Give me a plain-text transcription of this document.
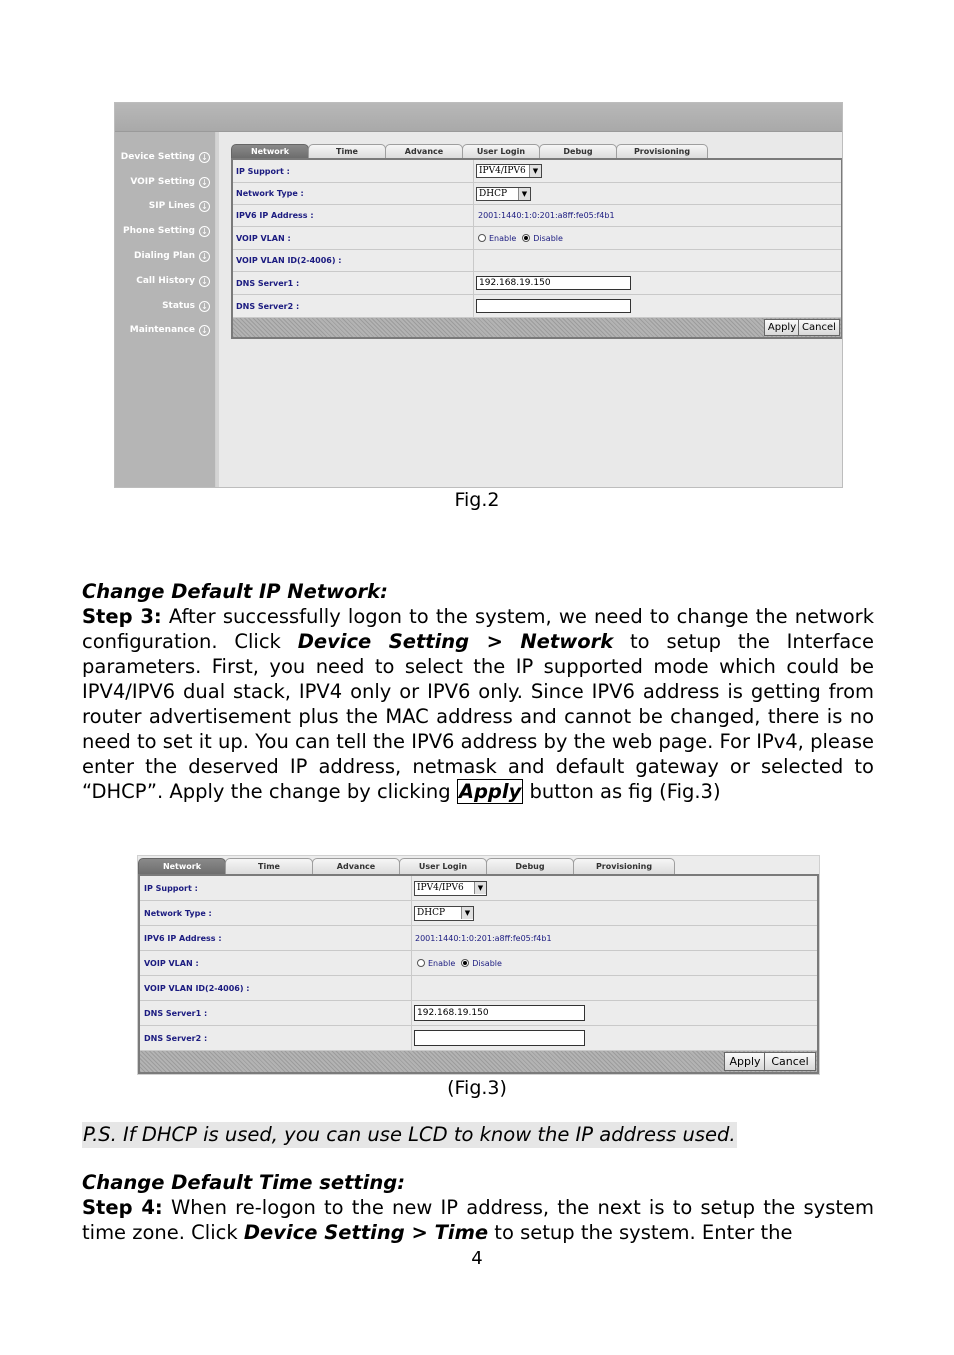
Device Setting ↓
VOIP Setting ↓
SIP Lines ↓
Phone Setting ↓
Dialing Plan ↓
Call History ↓
Status ↓
Maintenance ↓
Network	Time	Advance	User Login	Debug	Provisioning
IP Support :	IPV4/IPV6	▼
Network Type :	DHCP	▼
IPV6 IP Address :	2001:1440:1:0:201:a8ff:fe05:f4b1
VOIP VLAN :	Enable Disable
VOIP VLAN ID(2-4006) :
DNS Server1 :	192.168.19.150
DNS Server2 :
Apply Cancel
Fig.2
Change Default IP Network:
Step 3: After successfully logon to the system, we need to change the network configuration. Click Device Setting > Network to setup the Interface parameters. First, you need to select the IP supported mode which could be IPV4/IPV6 dual stack, IPV4 only or IPV6 only. Since IPV6 address is getting from router advertisement plus the MAC address and cannot be changed, there is no need to set it up. You can tell the IPV6 address by the web page. For IPv4, please enter the deserved IP address, netmask and default gateway or selected to “DHCP”. Apply the change by clicking Apply button as fig (Fig.3)
Network	Time	Advance	User Login	Debug	Provisioning
IP Support :	IPV4/IPV6	▼
Network Type :	DHCP	▼
IPV6 IP Address :	2001:1440:1:0:201:a8ff:fe05:f4b1
VOIP VLAN :	Enable Disable
VOIP VLAN ID(2-4006) :
DNS Server1 :	192.168.19.150
DNS Server2 :
Apply Cancel
(Fig.3)
P.S. If DHCP is used, you can use LCD to know the IP address used.
Change Default Time setting:
Step 4: When re-logon to the new IP address, the next is to setup the system time zone. Click Device Setting > Time to setup the system. Enter the
4
